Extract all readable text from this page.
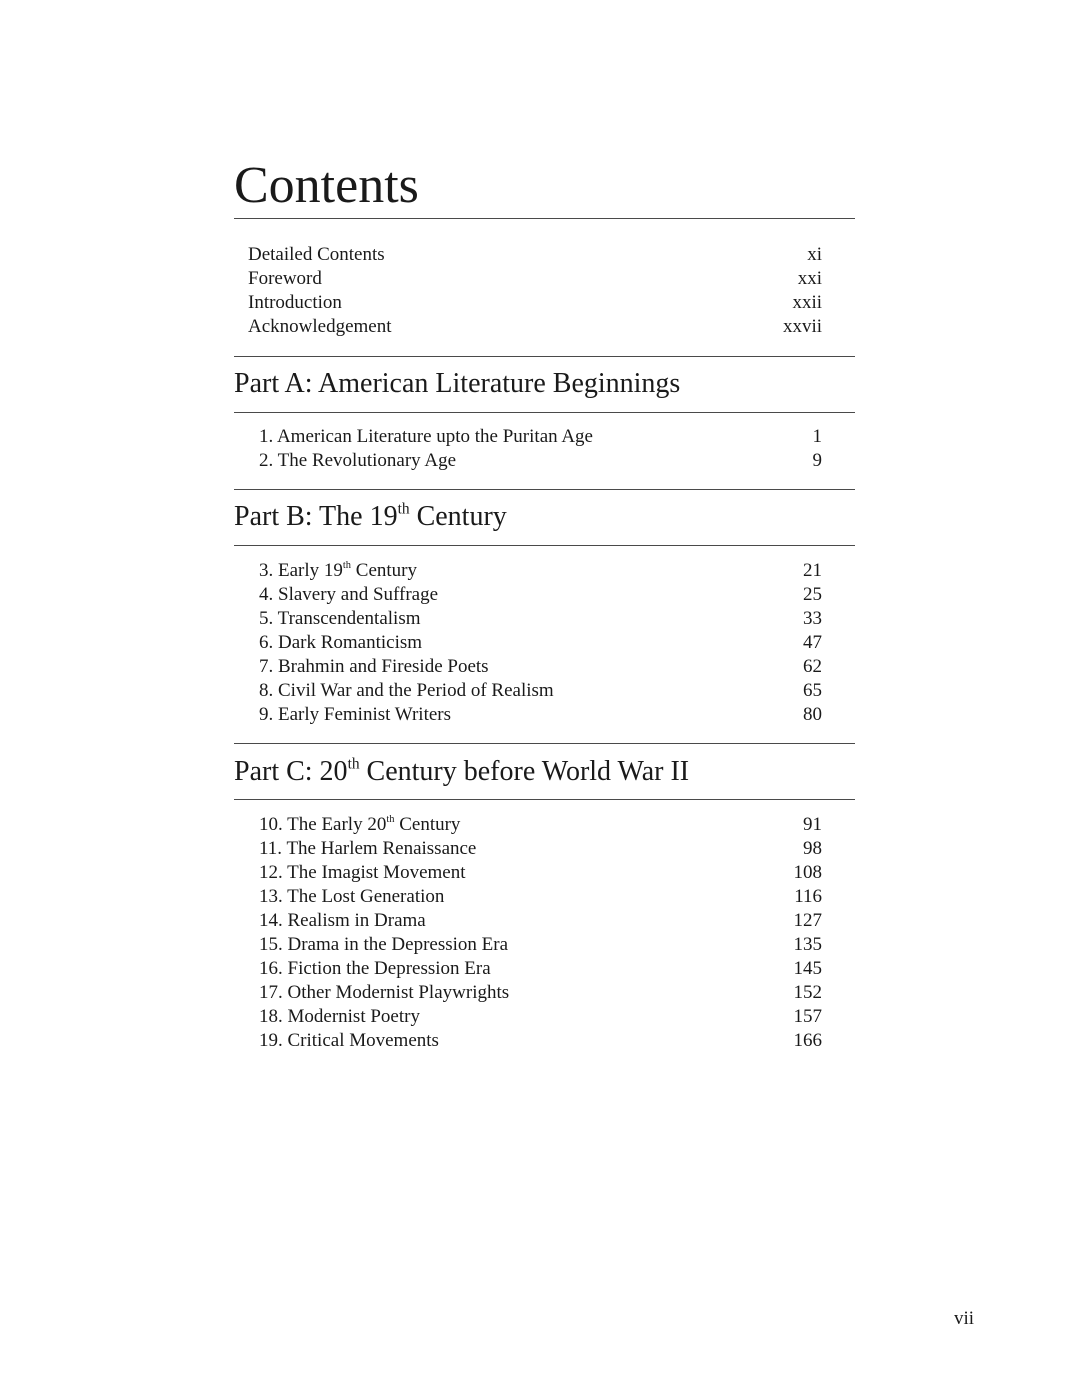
Contents
Detailed Contents	xi
Foreword	xxi
Introduction	xxii
Acknowledgement	xxvii
Part A: American Literature Beginnings
1. American Literature upto the Puritan Age	1
2. The Revolutionary Age	9
Part B: The 19th Century
3. Early 19th Century	21
4. Slavery and Suffrage	25
5. Transcendentalism	33
6. Dark Romanticism	47
7. Brahmin and Fireside Poets	62
8. Civil War and the Period of Realism	65
9. Early Feminist Writers	80
Part C: 20th Century before World War II
10. The Early 20th Century	91
11. The Harlem Renaissance	98
12. The Imagist Movement	108
13. The Lost Generation	116
14. Realism in Drama	127
15. Drama in the Depression Era	135
16. Fiction the Depression Era	145
17. Other Modernist Playwrights	152
18. Modernist Poetry	157
19. Critical Movements	166
vii
